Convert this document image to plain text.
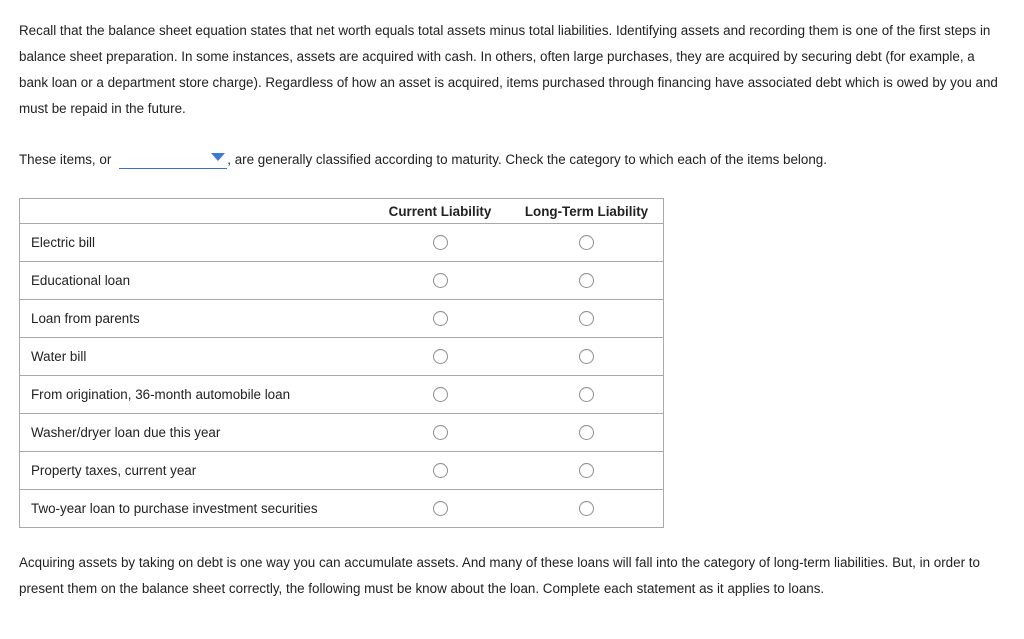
Recall that the balance sheet equation states that net worth equals total assets minus total liabilities. Identifying assets and recording them is one of the first steps in balance sheet preparation. In some instances, assets are acquired with cash. In others, often large purchases, they are acquired by securing debt (for example, a bank loan or a department store charge). Regardless of how an asset is acquired, items purchased through financing have associated debt which is owed by you and must be repaid in the future.

These items, or	, are generally classified according to maturity. Check the category to which each of the items belong.
	Current Liability	Long-Term Liability
Electric bill		
Educational loan		
Loan from parents		
Water bill		
From origination, 36-month automobile loan		
Washer/dryer loan due this year		
Property taxes, current year		
Two-year loan to purchase investment securities		

Acquiring assets by taking on debt is one way you can accumulate assets. And many of these loans will fall into the category of long-term liabilities. But, in order to present them on the balance sheet correctly, the following must be know about the loan. Complete each statement as it applies to loans.
